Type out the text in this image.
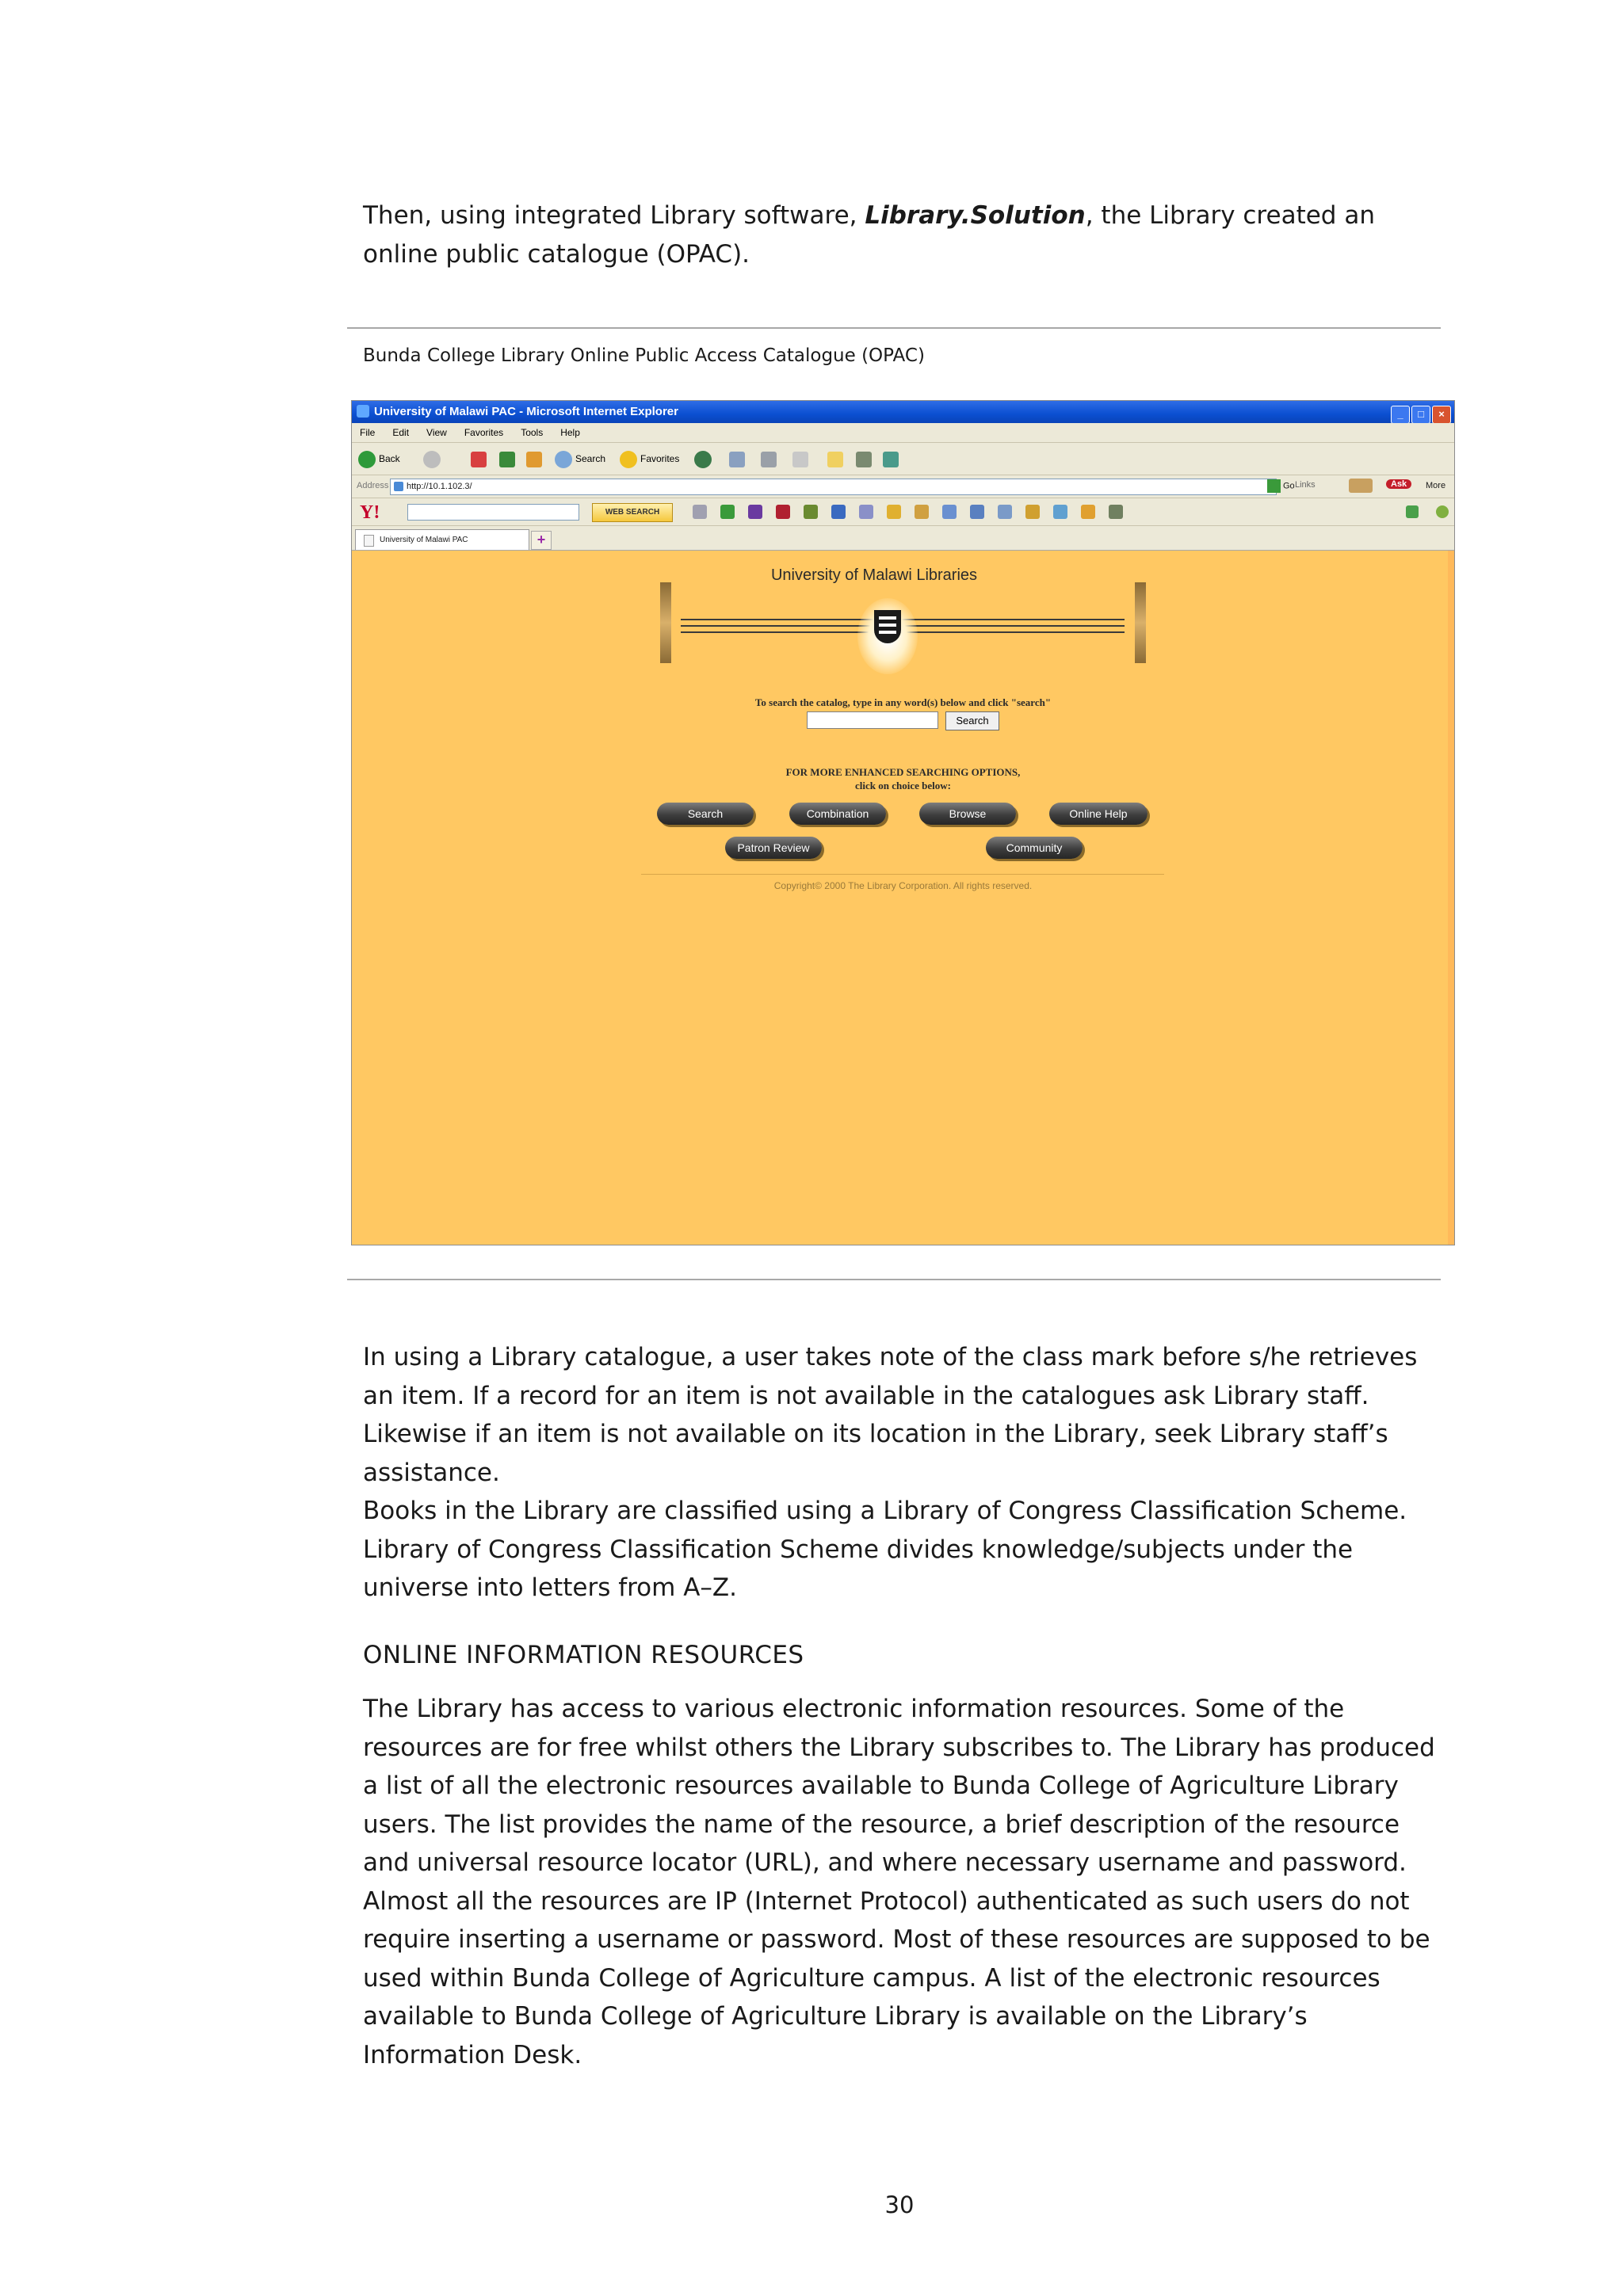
Then, using integrated Library software, Library.Solution, the Library created an online public catalogue (OPAC).

Bunda College Library Online Public Access Catalogue (OPAC)
University of Malawi PAC - Microsoft Internet Explorer	_ □ ×
File Edit View Favorites Tools Help
Back	Search	Favorites
Address	http://10.1.102.3/	Go Links	Ask	More
Y!	WEB SEARCH
University of Malawi PAC	+
University of Malawi Libraries
To search the catalog, type in any word(s) below and click "search"
Search
FOR MORE ENHANCED SEARCHING OPTIONS,
click on choice below:
Search	Combination	Browse	Online Help
Patron Review	Community
Copyright© 2000 The Library Corporation. All rights reserved.

In using a Library catalogue, a user takes note of the class mark before s/he retrieves an item. If a record for an item is not available in the catalogues ask Library staff. Likewise if an item is not available on its location in the Library, seek Library staff’s assistance.

Books in the Library are classified using a Library of Congress Classification Scheme. Library of Congress Classification Scheme divides knowledge/subjects under the universe into letters from A–Z.

ONLINE INFORMATION RESOURCES

The Library has access to various electronic information resources. Some of the resources are for free whilst others the Library subscribes to. The Library has produced a list of all the electronic resources available to Bunda College of Agriculture Library users. The list provides the name of the resource, a brief description of the resource and universal resource locator (URL), and where necessary username and password. Almost all the resources are IP (Internet Protocol) authenticated as such users do not require inserting a username or password. Most of these resources are supposed to be used within Bunda College of Agriculture campus. A list of the electronic resources available to Bunda College of Agriculture Library is available on the Library’s Information Desk.

30
